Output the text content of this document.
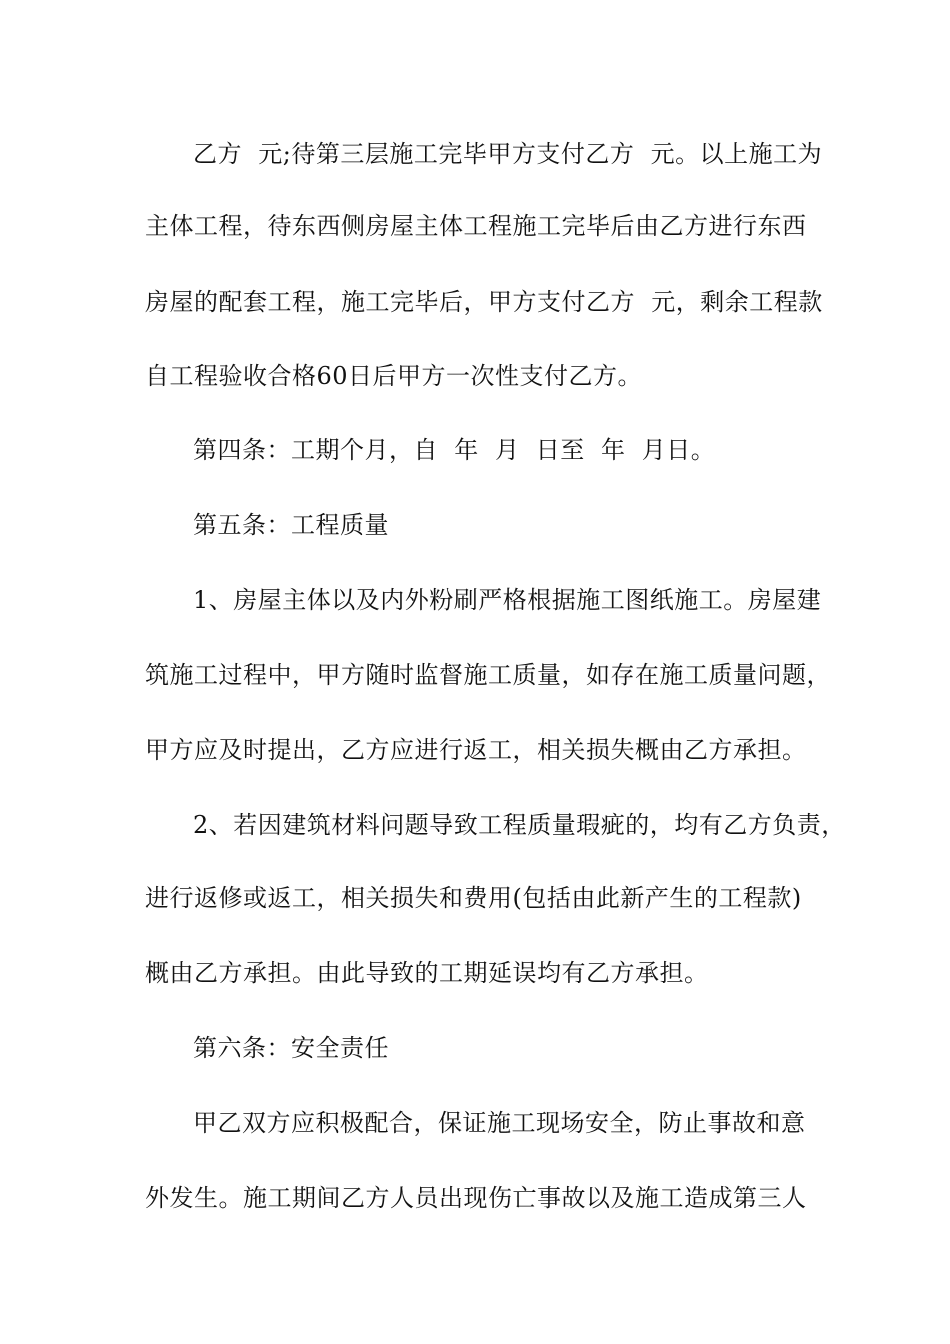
乙方  元;待第三层施工完毕甲方支付乙方  元。以上施工为
主体工程，待东西侧房屋主体工程施工完毕后由乙方进行东西
房屋的配套工程，施工完毕后，甲方支付乙方  元，剩余工程款
自工程验收合格60日后甲方一次性支付乙方。
第四条：工期个月，自  年  月  日至  年  月日。
第五条：工程质量
1、房屋主体以及内外粉刷严格根据施工图纸施工。房屋建
筑施工过程中，甲方随时监督施工质量，如存在施工质量问题，
甲方应及时提出，乙方应进行返工，相关损失概由乙方承担。
2、若因建筑材料问题导致工程质量瑕疵的，均有乙方负责，
进行返修或返工，相关损失和费用(包括由此新产生的工程款)
概由乙方承担。由此导致的工期延误均有乙方承担。
第六条：安全责任
甲乙双方应积极配合，保证施工现场安全，防止事故和意
外发生。施工期间乙方人员出现伤亡事故以及施工造成第三人
